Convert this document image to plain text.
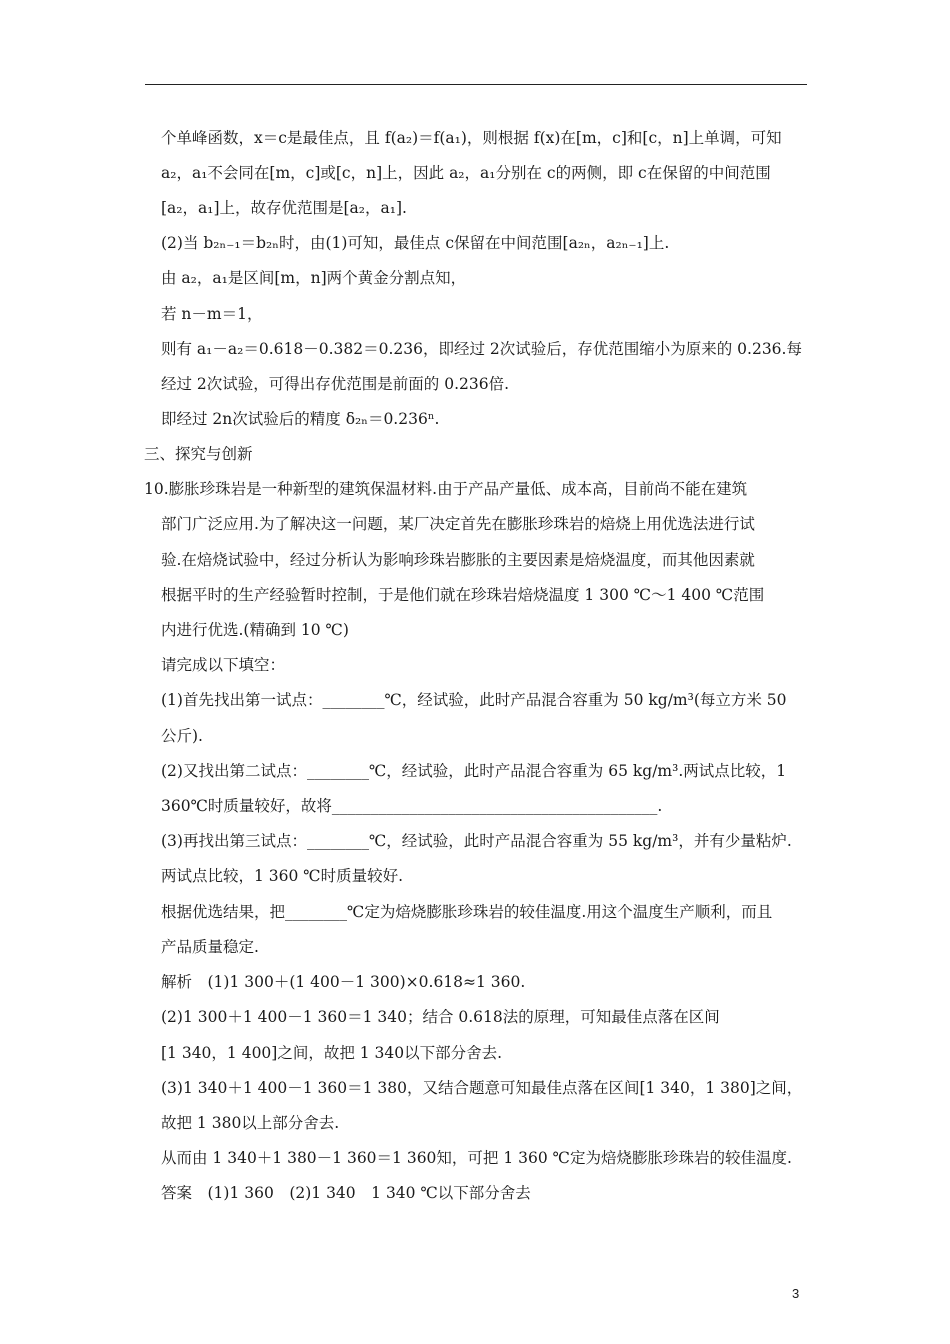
个单峰函数，x＝c是最佳点，且 f(a₂)＝f(a₁)，则根据 f(x)在[m，c]和[c，n]上单调，可知
a₂，a₁不会同在[m，c]或[c，n]上，因此 a₂，a₁分别在 c的两侧，即 c在保留的中间范围
[a₂，a₁]上，故存优范围是[a₂，a₁].
(2)当 b₂ₙ₋₁＝b₂ₙ时，由(1)可知，最佳点 c保留在中间范围[a₂ₙ，a₂ₙ₋₁]上.
由 a₂，a₁是区间[m，n]两个黄金分割点知，
若 n－m＝1，
则有 a₁－a₂＝0.618－0.382＝0.236，即经过 2次试验后，存优范围缩小为原来的 0.236.每
经过 2次试验，可得出存优范围是前面的 0.236倍.
即经过 2n次试验后的精度 δ₂ₙ＝0.236ⁿ.
三、探究与创新
10.膨胀珍珠岩是一种新型的建筑保温材料.由于产品产量低、成本高，目前尚不能在建筑
部门广泛应用.为了解决这一问题，某厂决定首先在膨胀珍珠岩的焙烧上用优选法进行试
验.在焙烧试验中，经过分析认为影响珍珠岩膨胀的主要因素是焙烧温度，而其他因素就
根据平时的生产经验暂时控制，于是他们就在珍珠岩焙烧温度 1 300 ℃～1 400 ℃范围
内进行优选.(精确到 10 ℃)
请完成以下填空：
(1)首先找出第一试点：________℃，经试验，此时产品混合容重为 50 kg/m³(每立方米 50
公斤).
(2)又找出第二试点：________℃，经试验，此时产品混合容重为 65 kg/m³.两试点比较，1
360℃时质量较好，故将__________________________________________.
(3)再找出第三试点：________℃，经试验，此时产品混合容重为 55 kg/m³，并有少量粘炉.
两试点比较，1 360 ℃时质量较好.
根据优选结果，把________℃定为焙烧膨胀珍珠岩的较佳温度.用这个温度生产顺利，而且
产品质量稳定.
解析　(1)1 300＋(1 400－1 300)×0.618≈1 360.
(2)1 300＋1 400－1 360＝1 340；结合 0.618法的原理，可知最佳点落在区间
[1 340，1 400]之间，故把 1 340以下部分舍去.
(3)1 340＋1 400－1 360＝1 380，又结合题意可知最佳点落在区间[1 340，1 380]之间，
故把 1 380以上部分舍去.
从而由 1 340＋1 380－1 360＝1 360知，可把 1 360 ℃定为焙烧膨胀珍珠岩的较佳温度.
答案　(1)1 360　(2)1 340　1 340 ℃以下部分舍去
3
